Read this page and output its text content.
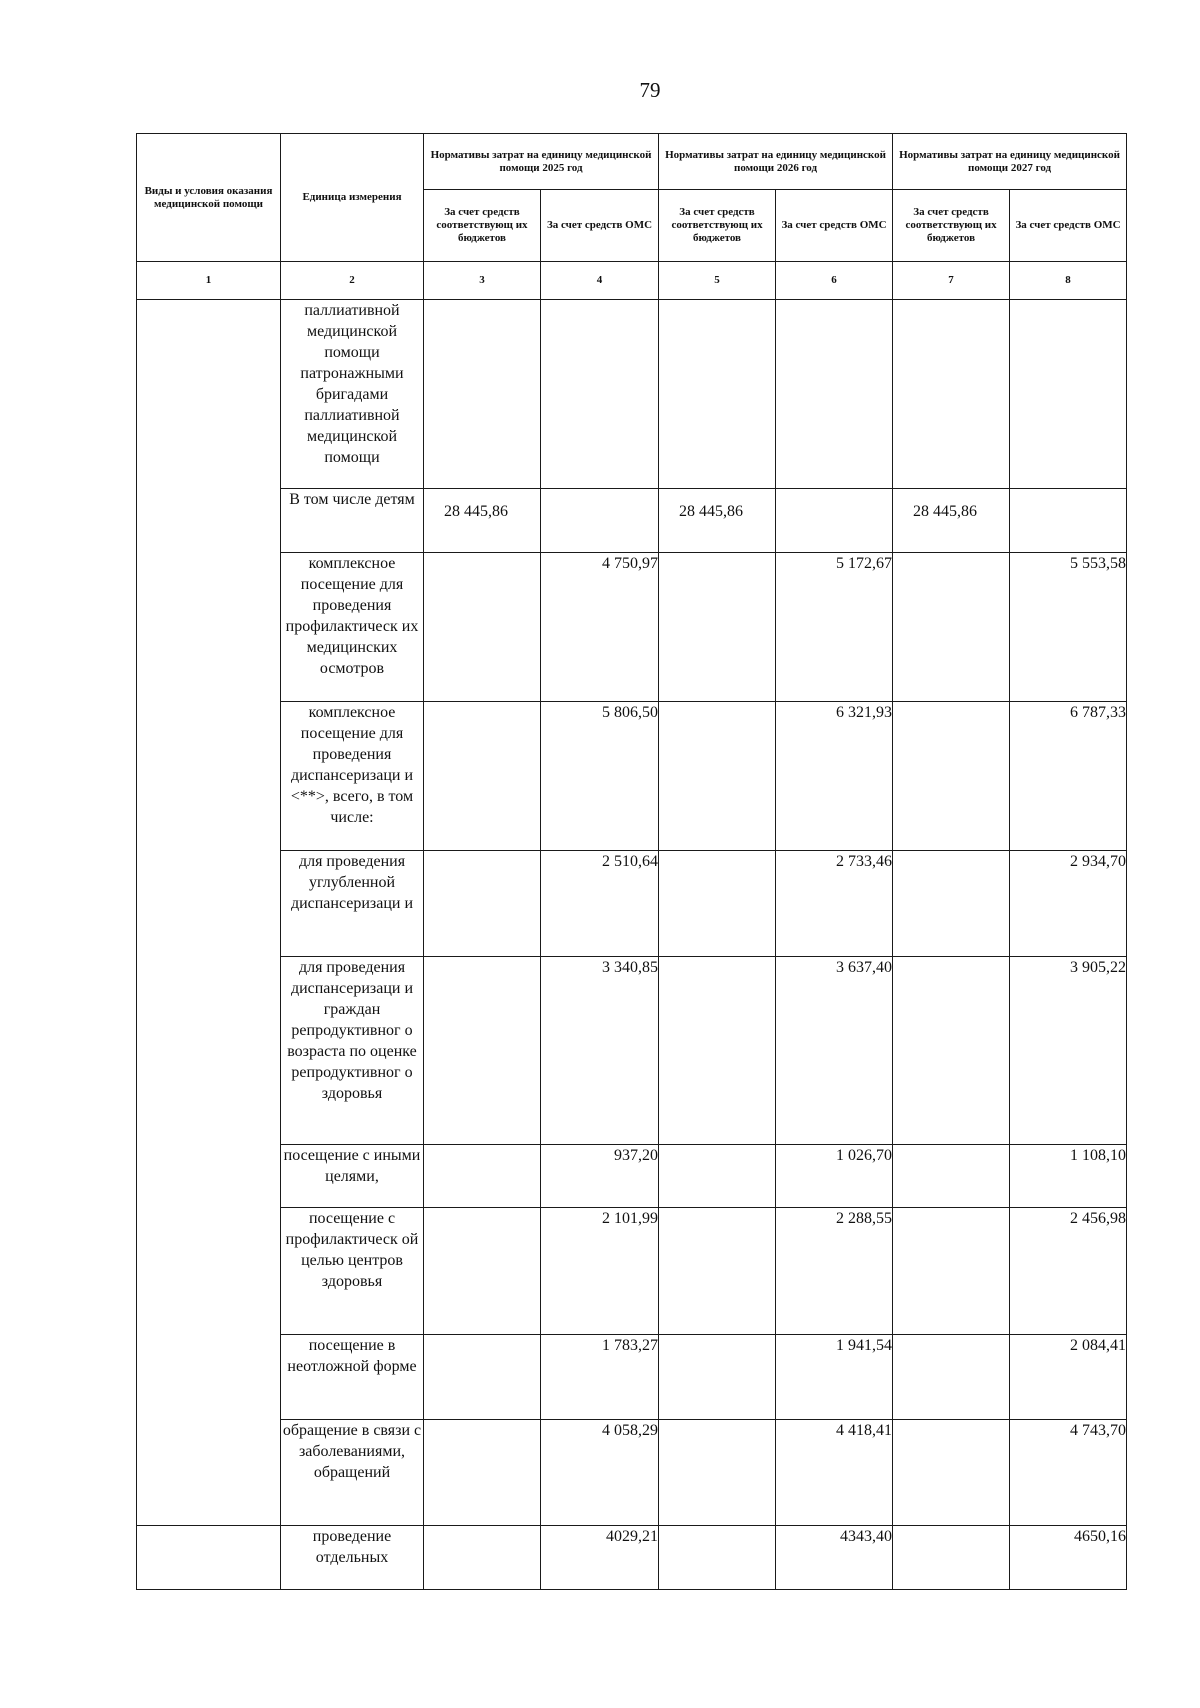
79
Виды и условия оказания медицинской помощи	Единица измерения	Нормативы затрат на единицу медицинской помощи 2025 год		Нормативы затрат на единицу медицинской помощи 2026 год		Нормативы затрат на единицу медицинской помощи 2027 год	
		За счет средств соответствующ их бюджетов	За счет средств ОМС	За счет средств соответствующ их бюджетов	За счет средств ОМС	За счет средств соответствующ их бюджетов	За счет средств ОМС
1	2	3	4	5	6	7	8
	паллиативной медицинской помощи патронажными бригадами паллиативной медицинской помощи						
	В том числе детям	28 445,86		28 445,86		28 445,86	
	комплексное посещение для проведения профилактическ их медицинских осмотров		4 750,97		5 172,67		5 553,58
	комплексное посещение для проведения диспансеризаци и <**>, всего, в том числе:		5 806,50		6 321,93		6 787,33
	для проведения углубленной диспансеризаци и		2 510,64		2 733,46		2 934,70
	для проведения диспансеризаци и граждан репродуктивног о возраста по оценке репродуктивног о здоровья		3 340,85		3 637,40		3 905,22
	посещение с иными целями,		937,20		1 026,70		1 108,10
	посещение с профилактическ ой целью центров здоровья		2 101,99		2 288,55		2 456,98
	посещение в неотложной форме		1 783,27		1 941,54		2 084,41
	обращение в связи с заболеваниями, обращений		4 058,29		4 418,41		4 743,70
	проведение отдельных		4029,21		4343,40		4650,16
